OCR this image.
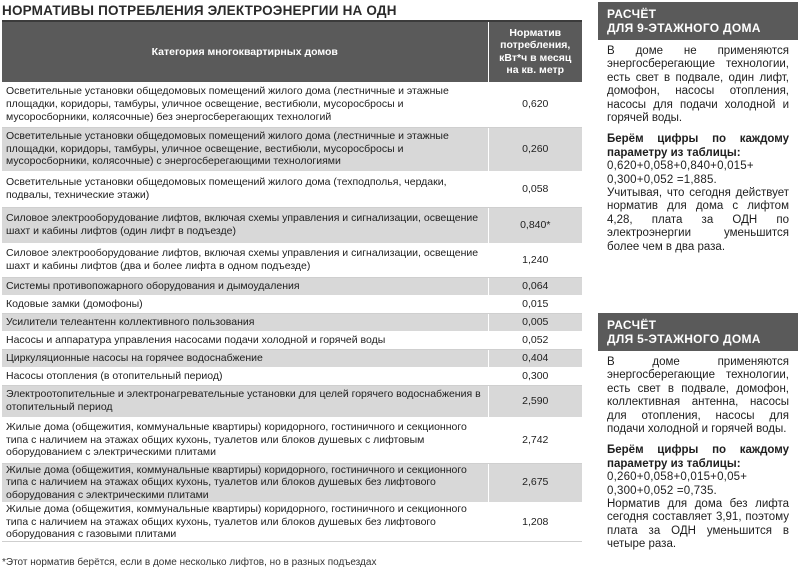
НОРМАТИВЫ ПОТРЕБЛЕНИЯ ЭЛЕКТРОЭНЕРГИИ НА ОДН
Категория многоквартирных домов	Норматив потребления, кВт*ч в месяц на кв. метр
Осветительные установки общедомовых помещений жилого дома (лестничные и этажные площадки, коридоры, тамбуры, уличное освещение, вестибюли, мусоросбросы и мусоросборники, колясочные) без энергосберегающих технологий	0,620
Осветительные установки общедомовых помещений жилого дома (лестничные и этажные площадки, коридоры, тамбуры, уличное освещение, вестибюли, мусоросбросы и мусоросборники, колясочные) с энергосберегающими технологиями	0,260
Осветительные установки общедомовых помещений жилого дома (техподполья, чердаки, подвалы, технические этажи)	0,058
Силовое электрооборудование лифтов, включая схемы управления и сигнализации, освещение шахт и кабины лифтов (один лифт в подъезде)	0,840*
Силовое электрооборудование лифтов, включая схемы управления и сигнализации, освещение шахт и кабины лифтов (два и более лифта в одном подъезде)	1,240
Системы противопожарного оборудования и дымоудаления	0,064
Кодовые замки (домофоны)	0,015
Усилители телеантенн коллективного пользования	0,005
Насосы и аппаратура управления насосами подачи холодной и горячей воды	0,052
Циркуляционные насосы на горячее водоснабжение	0,404
Насосы отопления (в отопительный период)	0,300
Электроотопительные и электронагревательные установки для целей горячего водоснабжения в отопительный период	2,590
Жилые дома (общежития, коммунальные квартиры) коридорного, гостиничного и секционного типа с наличием на этажах общих кухонь, туалетов или блоков душевых с лифтовым оборудованием с электрическими плитами	2,742
Жилые дома (общежития, коммунальные квартиры) коридорного, гостиничного и секционного типа с наличием на этажах общих кухонь, туалетов или блоков душевых без лифтового оборудования с электрическими плитами	2,675
Жилые дома (общежития, коммунальные квартиры) коридорного, гостиничного и секционного типа с наличием на этажах общих кухонь, туалетов или блоков душевых без лифтового оборудования с газовыми плитами	1,208
*Этот норматив берётся, если в доме несколько лифтов, но в разных подъездах
РАСЧЁТ
ДЛЯ 9-ЭТАЖНОГО ДОМА

В доме не применяются энергосберегающие технологии, есть свет в подвале, один лифт, домофон, насосы отопления, насосы для подачи холодной и горячей воды.

Берём цифры по каждому параметру из таблицы:

0,620+0,058+0,840+0,015+ 0,300+0,052 =1,885.

Учитывая, что сегодня действует норматив для дома с лифтом 4,28, плата за ОДН по электроэнергии уменьшится более чем в два раза.

РАСЧЁТ
ДЛЯ 5-ЭТАЖНОГО ДОМА

В доме применяются энергосберегающие технологии, есть свет в подвале, домофон, коллективная антенна, насосы для отопления, насосы для подачи холодной и горячей воды.

Берём цифры по каждому параметру из таблицы:

0,260+0,058+0,015+0,05+ 0,300+0,052 =0,735.

Норматив для дома без лифта сегодня составляет 3,91, поэтому плата за ОДН уменьшится в четыре раза.
